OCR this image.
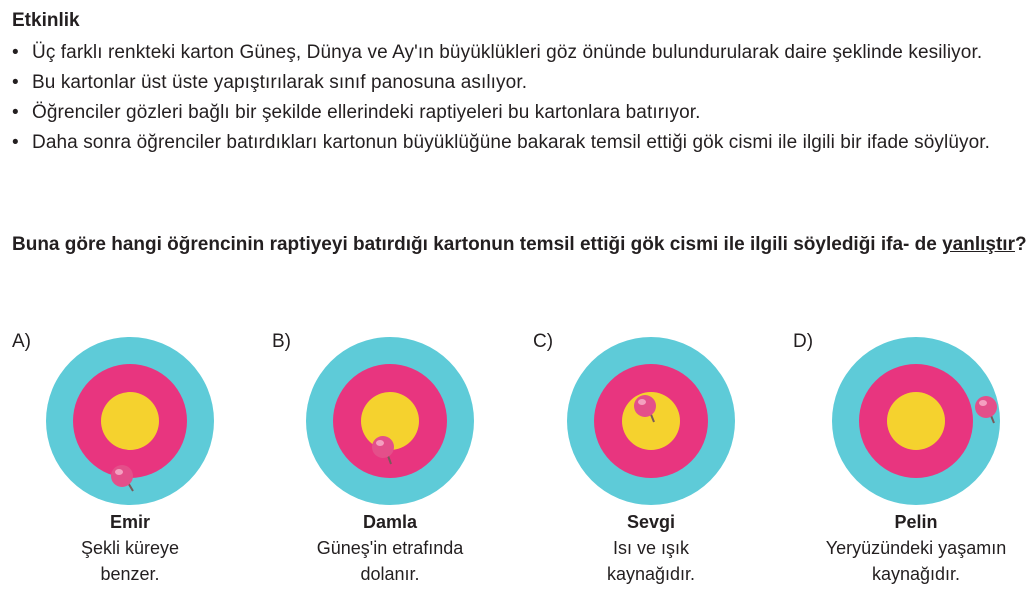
Etkinlik
• Üç farklı renkteki karton Güneş, Dünya ve Ay'ın büyüklükleri göz önünde bulundurularak daire şeklinde kesiliyor.
• Bu kartonlar üst üste yapıştırılarak sınıf panosuna asılıyor.
• Öğrenciler gözleri bağlı bir şekilde ellerindeki raptiyeleri bu kartonlara batırıyor.
• Daha sonra öğrenciler batırdıkları kartonun büyüklüğüne bakarak temsil ettiği gök cismi ile ilgili bir ifade söylüyor.
Buna göre hangi öğrencinin raptiyeyi batırdığı kartonun temsil ettiği gök cismi ile ilgili söylediği ifa- de yanlıştır?
A)
Emir
Şekli küreye
benzer.
B)
Damla
Güneş'in etrafında
dolanır.
C)
Sevgi
Isı ve ışık
kaynağıdır.
D)
Pelin
Yeryüzündeki yaşamın
kaynağıdır.
